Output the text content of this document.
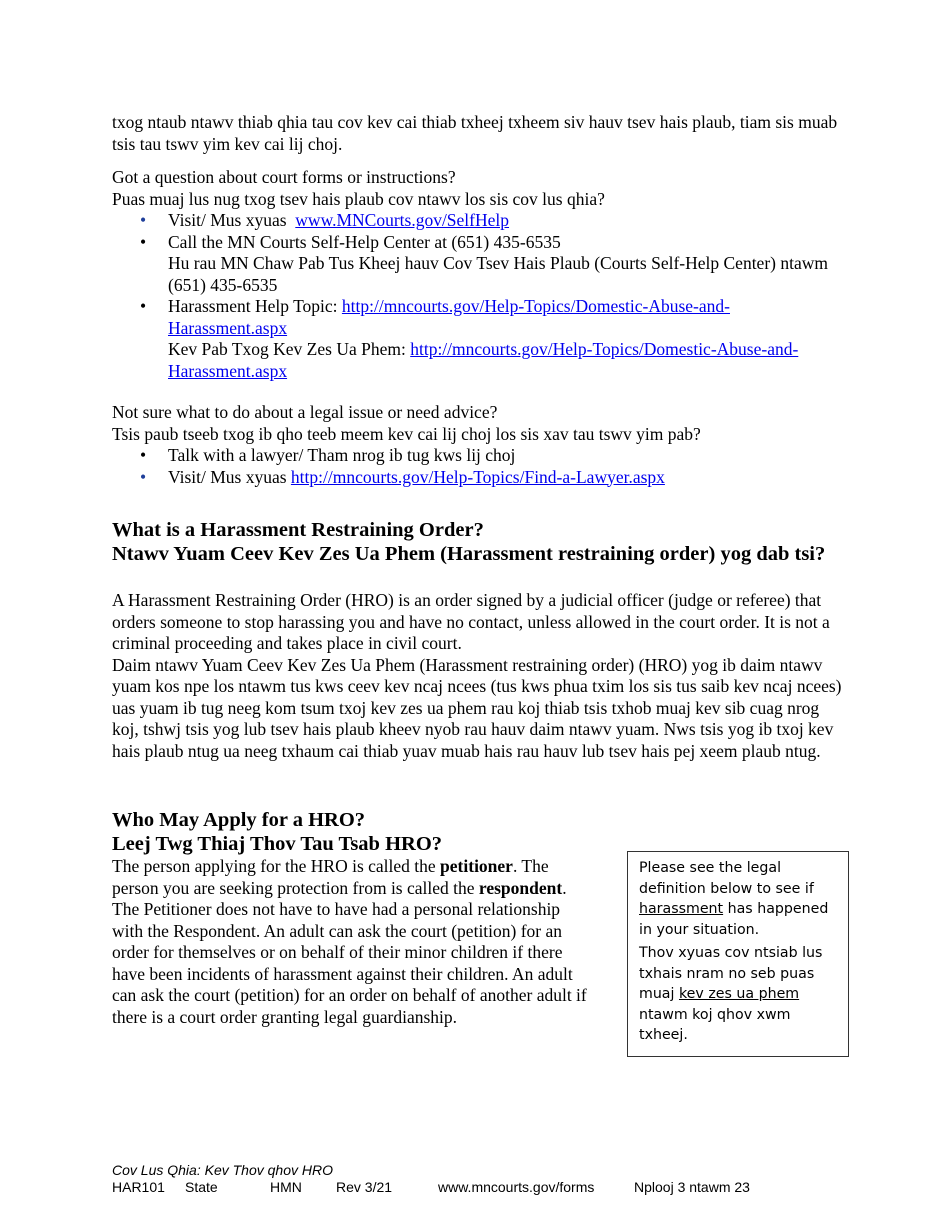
txog ntaub ntawv thiab qhia tau cov kev cai thiab txheej txheem siv hauv tsev hais plaub, tiam sis muab tsis tau tswv yim kev cai lij choj.

Got a question about court forms or instructions?

Puas muaj lus nug txog tsev hais plaub cov ntawv los sis cov lus qhia?

• Visit/ Mus xyuas www.MNCourts.gov/SelfHelp
• Call the MN Courts Self-Help Center at (651) 435-6535
Hu rau MN Chaw Pab Tus Kheej hauv Cov Tsev Hais Plaub (Courts Self-Help Center) ntawm (651) 435-6535
• Harassment Help Topic: http://mncourts.gov/Help-Topics/Domestic-Abuse-and-Harassment.aspx
Kev Pab Txog Kev Zes Ua Phem: http://mncourts.gov/Help-Topics/Domestic-Abuse-and-Harassment.aspx

Not sure what to do about a legal issue or need advice?

Tsis paub tseeb txog ib qho teeb meem kev cai lij choj los sis xav tau tswv yim pab?

• Talk with a lawyer/ Tham nrog ib tug kws lij choj
• Visit/ Mus xyuas http://mncourts.gov/Help-Topics/Find-a-Lawyer.aspx
What is a Harassment Restraining Order?
Ntawv Yuam Ceev Kev Zes Ua Phem (Harassment restraining order) yog dab tsi?

A Harassment Restraining Order (HRO) is an order signed by a judicial officer (judge or referee) that orders someone to stop harassing you and have no contact, unless allowed in the court order. It is not a criminal proceeding and takes place in civil court.

Daim ntawv Yuam Ceev Kev Zes Ua Phem (Harassment restraining order) (HRO) yog ib daim ntawv yuam kos npe los ntawm tus kws ceev kev ncaj ncees (tus kws phua txim los sis tus saib kev ncaj ncees) uas yuam ib tug neeg kom tsum txoj kev zes ua phem rau koj thiab tsis txhob muaj kev sib cuag nrog koj, tshwj tsis yog lub tsev hais plaub kheev nyob rau hauv daim ntawv yuam. Nws tsis yog ib txoj kev hais plaub ntug ua neeg txhaum cai thiab yuav muab hais rau hauv lub tsev hais pej xeem plaub ntug.

Who May Apply for a HRO?
Leej Twg Thiaj Thov Tau Tsab HRO?

The person applying for the HRO is called the petitioner. The person you are seeking protection from is called the respondent. The Petitioner does not have to have had a personal relationship with the Respondent. An adult can ask the court (petition) for an order for themselves or on behalf of their minor children if there have been incidents of harassment against their children. An adult can ask the court (petition) for an order on behalf of another adult if there is a court order granting legal guardianship.

Please see the legal definition below to see if harassment has happened in your situation.

Thov xyuas cov ntsiab lus txhais nram no seb puas muaj kev zes ua phem ntawm koj qhov xwm txheej.

Cov Lus Qhia: Kev Thov qhov HRO
HAR101 State	HMN Rev 3/21	www.mncourts.gov/forms	Nplooj 3 ntawm 23
